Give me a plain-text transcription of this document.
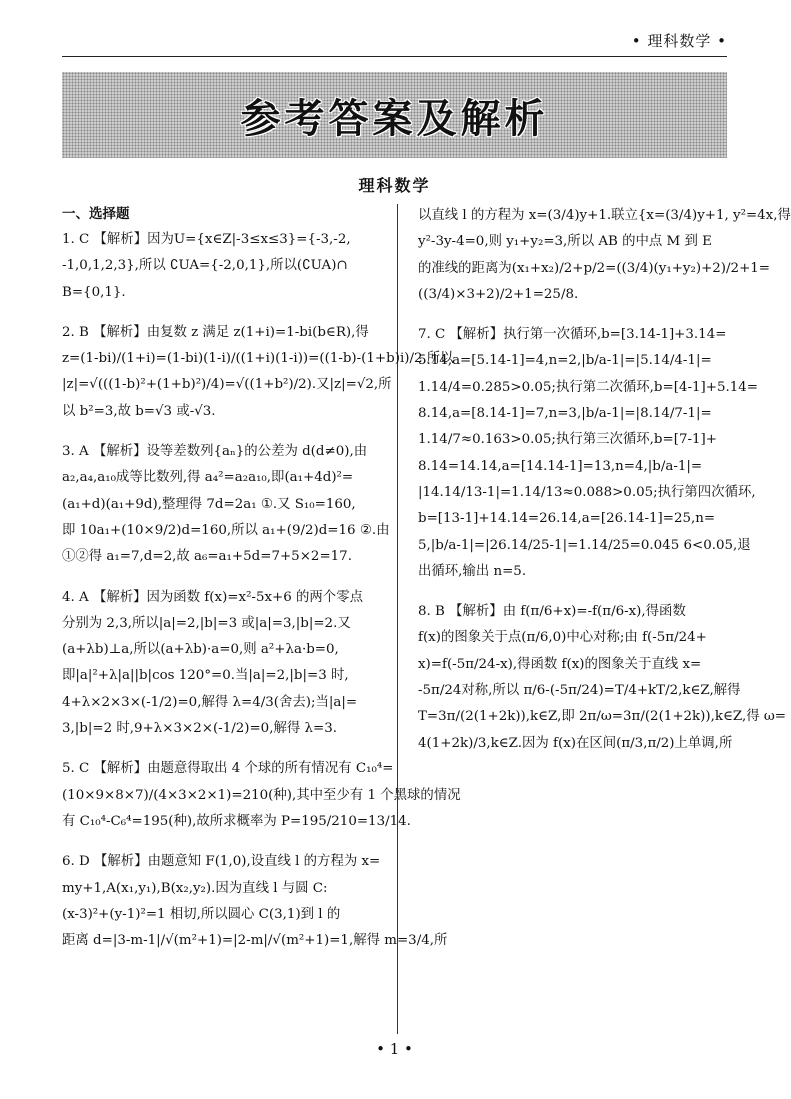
• 理科数学 •
参考答案及解析
理科数学
一、选择题
1. C 【解析】因为U={x∈Z|-3≤x≤3}={-3,-2,
-1,0,1,2,3},所以 ∁UA={-2,0,1},所以(∁UA)∩
B={0,1}.
2. B 【解析】由复数 z 满足 z(1+i)=1-bi(b∈R),得
z=(1-bi)/(1+i)=(1-bi)(1-i)/((1+i)(1-i))=((1-b)-(1+b)i)/2,所以
|z|=√(((1-b)²+(1+b)²)/4)=√((1+b²)/2).又|z|=√2,所
以 b²=3,故 b=√3 或-√3.
3. A 【解析】设等差数列{aₙ}的公差为 d(d≠0),由
a₂,a₄,a₁₀成等比数列,得 a₄²=a₂a₁₀,即(a₁+4d)²=
(a₁+d)(a₁+9d),整理得 7d=2a₁ ①.又 S₁₀=160,
即 10a₁+(10×9/2)d=160,所以 a₁+(9/2)d=16 ②.由
①②得 a₁=7,d=2,故 a₆=a₁+5d=7+5×2=17.
4. A 【解析】因为函数 f(x)=x²-5x+6 的两个零点
分别为 2,3,所以|a|=2,|b|=3 或|a|=3,|b|=2.又
(a+λb)⊥a,所以(a+λb)·a=0,则 a²+λa·b=0,
即|a|²+λ|a||b|cos 120°=0.当|a|=2,|b|=3 时,
4+λ×2×3×(-1/2)=0,解得 λ=4/3(舍去);当|a|=
3,|b|=2 时,9+λ×3×2×(-1/2)=0,解得 λ=3.
5. C 【解析】由题意得取出 4 个球的所有情况有 C₁₀⁴=
(10×9×8×7)/(4×3×2×1)=210(种),其中至少有 1 个黑球的情况
有 C₁₀⁴-C₆⁴=195(种),故所求概率为 P=195/210=13/14.
6. D 【解析】由题意知 F(1,0),设直线 l 的方程为 x=
my+1,A(x₁,y₁),B(x₂,y₂).因为直线 l 与圆 C:
(x-3)²+(y-1)²=1 相切,所以圆心 C(3,1)到 l 的
距离 d=|3-m-1|/√(m²+1)=|2-m|/√(m²+1)=1,解得 m=3/4,所
以直线 l 的方程为 x=(3/4)y+1.联立{x=(3/4)y+1, y²=4x,得
y²-3y-4=0,则 y₁+y₂=3,所以 AB 的中点 M 到 E
的准线的距离为(x₁+x₂)/2+p/2=((3/4)(y₁+y₂)+2)/2+1=
((3/4)×3+2)/2+1=25/8.
7. C 【解析】执行第一次循环,b=[3.14-1]+3.14=
5.14,a=[5.14-1]=4,n=2,|b/a-1|=|5.14/4-1|=
1.14/4=0.285>0.05;执行第二次循环,b=[4-1]+5.14=
8.14,a=[8.14-1]=7,n=3,|b/a-1|=|8.14/7-1|=
1.14/7≈0.163>0.05;执行第三次循环,b=[7-1]+
8.14=14.14,a=[14.14-1]=13,n=4,|b/a-1|=
|14.14/13-1|=1.14/13≈0.088>0.05;执行第四次循环,
b=[13-1]+14.14=26.14,a=[26.14-1]=25,n=
5,|b/a-1|=|26.14/25-1|=1.14/25=0.045 6<0.05,退
出循环,输出 n=5.
8. B 【解析】由 f(π/6+x)=-f(π/6-x),得函数
f(x)的图象关于点(π/6,0)中心对称;由 f(-5π/24+
x)=f(-5π/24-x),得函数 f(x)的图象关于直线 x=
-5π/24对称,所以 π/6-(-5π/24)=T/4+kT/2,k∈Z,解得
T=3π/(2(1+2k)),k∈Z,即 2π/ω=3π/(2(1+2k)),k∈Z,得 ω=
4(1+2k)/3,k∈Z.因为 f(x)在区间(π/3,π/2)上单调,所
• 1 •
